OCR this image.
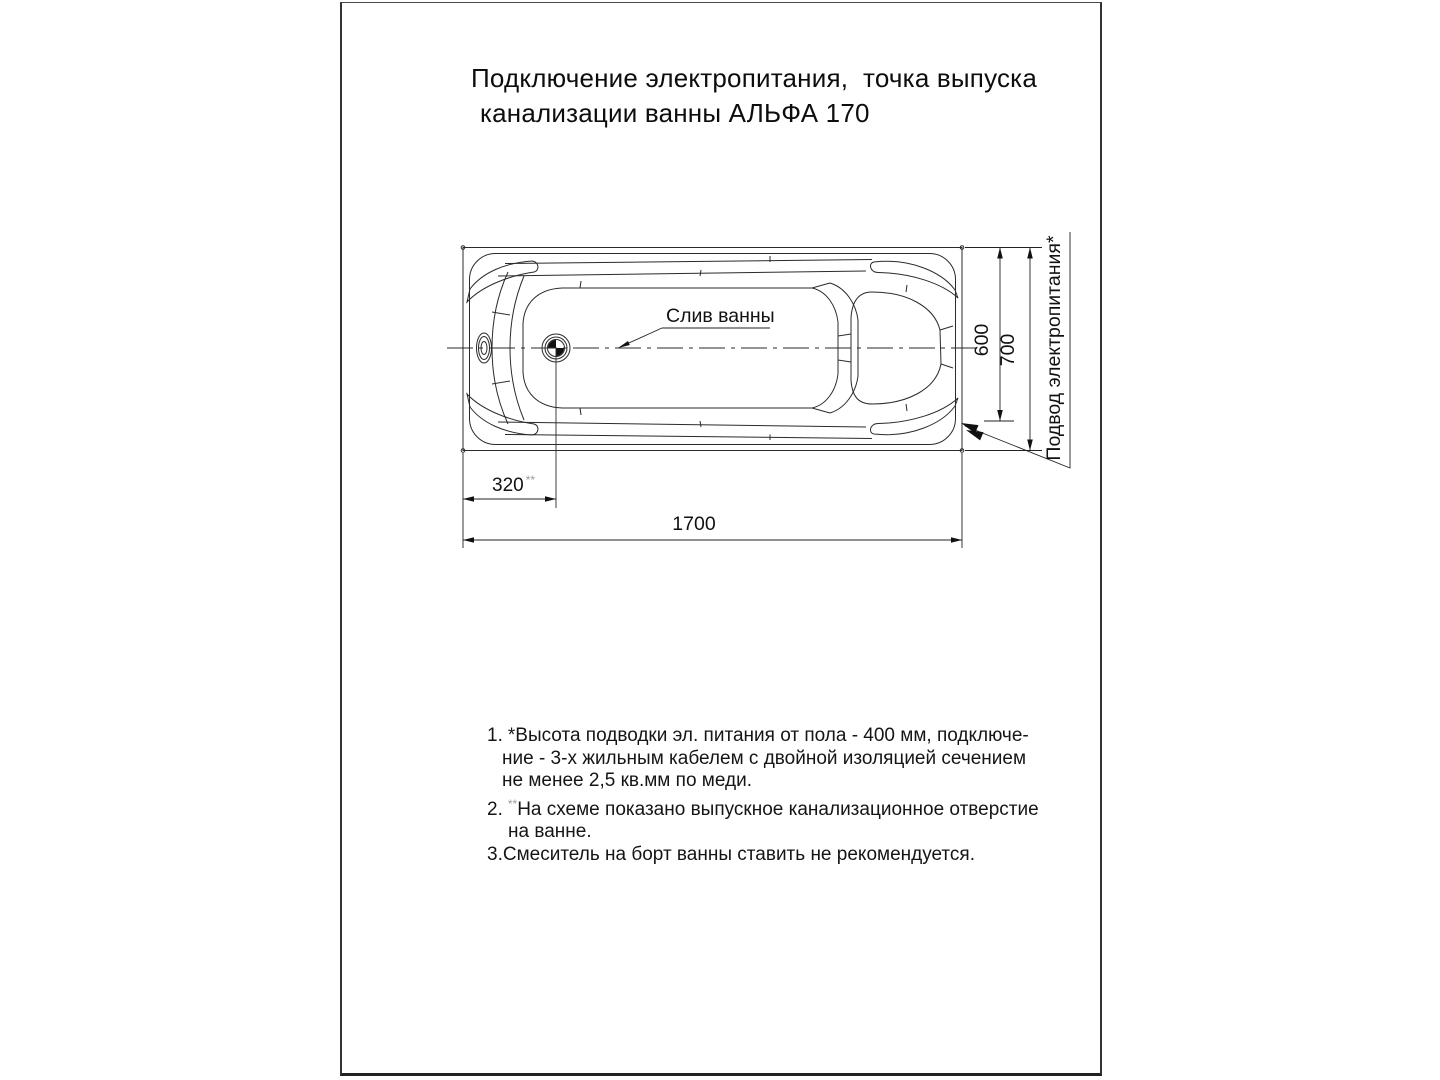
Подключение электропитания,  точка выпуска
канализации ванны АЛЬФА 170
Слив ванны
320 **
1700
600 700 Подвод электропитания*
1. *Высота подводки эл. питания от пола - 400 мм, подключе-
ние - 3-х жильным кабелем с двойной изоляцией сечением
не менее 2,5 кв.мм по меди.
2. **На схеме показано выпускное канализационное отверстие
на ванне.
3.Смеситель на борт ванны ставить не рекомендуется.
